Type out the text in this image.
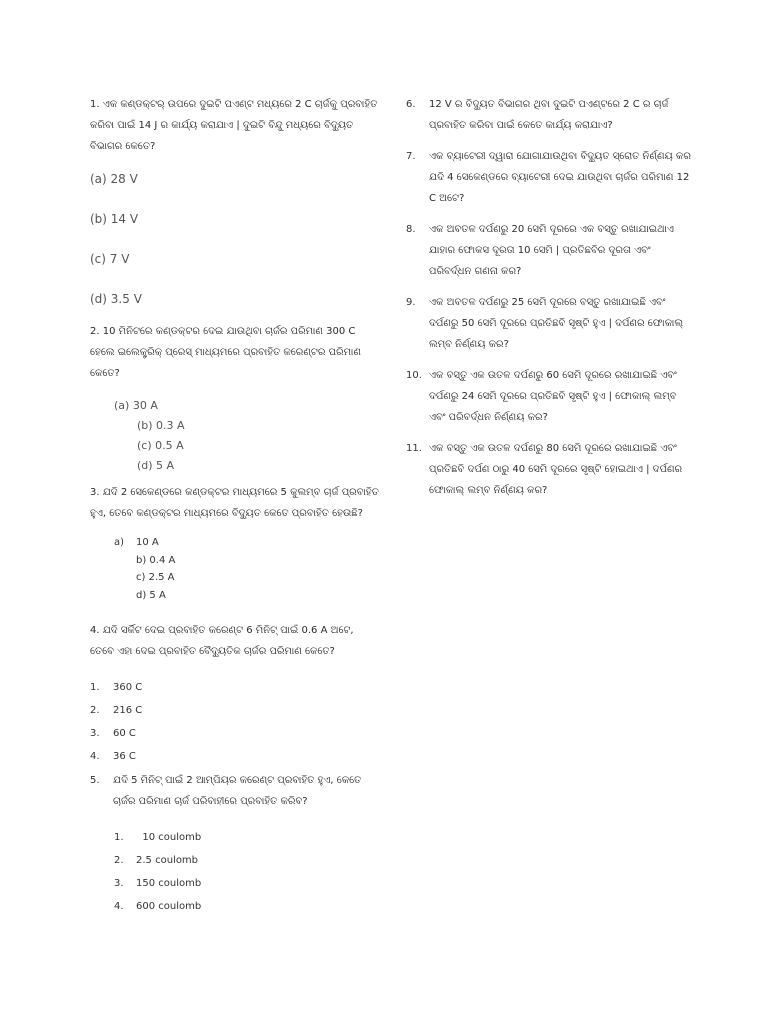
1. ଏକ କଣ୍ଡକ୍ଟର୍ ଉପରେ ଦୁଇଟି ପଏଣ୍ଟ ମଧ୍ୟରେ 2 C ଚାର୍ଜକୁ ପ୍ରବାହିତ କରିବା ପାଇଁ 14 J ର କାର୍ଯ୍ୟ କରାଯାଏ | ଦୁଇଟି ବିନ୍ଦୁ ମଧ୍ୟରେ ବିଦ୍ୟୁତ ବିଭାଗର କେତେ?

(a) 28 V
(b) 14 V
(c) 7 V
(d) 3.5 V

2. 10 ମିନିଟରେ କଣ୍ଡକ୍ଟର ଦେଇ ଯାଉଥିବା ଚାର୍ଜର ପରିମାଣ 300 C ହେଲେ ଇଲେକ୍ଟ୍ରିକ୍ ପ୍ରେସ୍ ମାଧ୍ୟମରେ ପ୍ରବାହିତ କରେଣ୍ଟର ପରିମାଣ କେତେ?

(a) 30 A
(b) 0.3 A
(c) 0.5 A
(d) 5 A

3. ଯଦି 2 ସେକେଣ୍ଡରେ କଣ୍ଡକ୍ଟର ମାଧ୍ୟମରେ 5 କୁଲମ୍ବ ଚାର୍ଜ ପ୍ରବାହିତ ହୁଏ, ତେବେ କଣ୍ଡକ୍ଟର ମାଧ୍ୟମରେ ବିଦ୍ୟୁତ କେତେ ପ୍ରବାହିତ ହେଉଛି?

a)	10 A
b) 0.4 A
c) 2.5 A
d) 5 A

4. ଯଦି ସର୍କିଟ ଦେଇ ପ୍ରବାହିତ କରେଣ୍ଟ 6 ମିନିଟ୍ ପାଇଁ 0.6 A ଅଟେ, ତେବେ ଏହା ଦେଇ ପ୍ରବାହିତ ବୈଦ୍ୟୁତିକ ଚାର୍ଜର ପରିମାଣ କେତେ?

1.	360 C
2.	216 C
3.	60 C
4.	36 C
5.	ଯଦି 5 ମିନିଟ୍ ପାଇଁ 2 ଆମ୍ପିୟର କରେଣ୍ଟ ପ୍ରବାହିତ ହୁଏ, କେତେ ଚାର୍ଜର ପରିମାଣ ଚାର୍ଜ ପରିବାହୀରେ ପ୍ରବାହିତ କରିବ?
1.	10 coulomb
2.	2.5 coulomb
3.	150 coulomb
4.	600 coulomb
6.	12 V ର ବିଦ୍ୟୁତ ବିଭାଗର ଥିବା ଦୁଇଟି ପଏଣ୍ଟରେ 2 C ର ଚାର୍ଜ ପ୍ରବାହିତ କରିବା ପାଇଁ କେତେ କାର୍ଯ୍ୟ କରାଯାଏ?
7.	ଏକ ବ୍ୟାଟେରୀ ଦ୍ୱାରା ଯୋଗାଯାଉଥିବା ବିଦ୍ୟୁତ ସ୍ରୋତ ନିର୍ଣ୍ଣୟ କର ଯଦି 4 ସେକେଣ୍ଡରେ ବ୍ୟାଟେରୀ ଦେଇ ଯାଉଥିବା ଚାର୍ଜର ପରିମାଣ 12 C ଅଟେ?
8.	ଏକ ଅବତଳ ଦର୍ପଣରୁ 20 ସେମି ଦୂରରେ ଏକ ବସ୍ତୁ ରଖାଯାଇଥାଏ ଯାହାର ଫୋକସ ଦୂରତା 10 ସେମି | ପ୍ରତିଛବିର ଦୂରତା ଏବଂ ପରିବର୍ଦ୍ଧନ ଗଣନା କର?
9.	ଏକ ଅବତଳ ଦର୍ପଣରୁ 25 ସେମି ଦୂରରେ ବସ୍ତୁ ରଖାଯାଇଛି ଏବଂ ଦର୍ପଣରୁ 50 ସେମି ଦୂରରେ ପ୍ରତିଛବି ସୃଷ୍ଟି ହୁଏ | ଦର୍ପଣର ଫୋକାଲ୍ ଲମ୍ବ ନିର୍ଣ୍ଣୟ କର?
10. ଏକ ବସ୍ତୁ ଏକ ଉତଳ ଦର୍ପଣରୁ 60 ସେମି ଦୂରରେ ରଖାଯାଇଛି ଏବଂ ଦର୍ପଣରୁ 24 ସେମି ଦୂରରେ ପ୍ରତିଛବି ସୃଷ୍ଟି ହୁଏ | ଫୋକାଲ୍ ଲମ୍ବ ଏବଂ ପରିବର୍ଦ୍ଧନ ନିର୍ଣ୍ଣୟ କର?
11. ଏକ ବସ୍ତୁ ଏକ ଉତଳ ଦର୍ପଣରୁ 80 ସେମି ଦୂରରେ ରଖାଯାଇଛି ଏବଂ ପ୍ରତିଛବି ଦର୍ପଣ ଠାରୁ 40 ସେମି ଦୂରରେ ସୃଷ୍ଟି ହୋଇଥାଏ | ଦର୍ପଣର ଫୋକାଲ୍ ଲମ୍ବ ନିର୍ଣ୍ଣୟ କର?
